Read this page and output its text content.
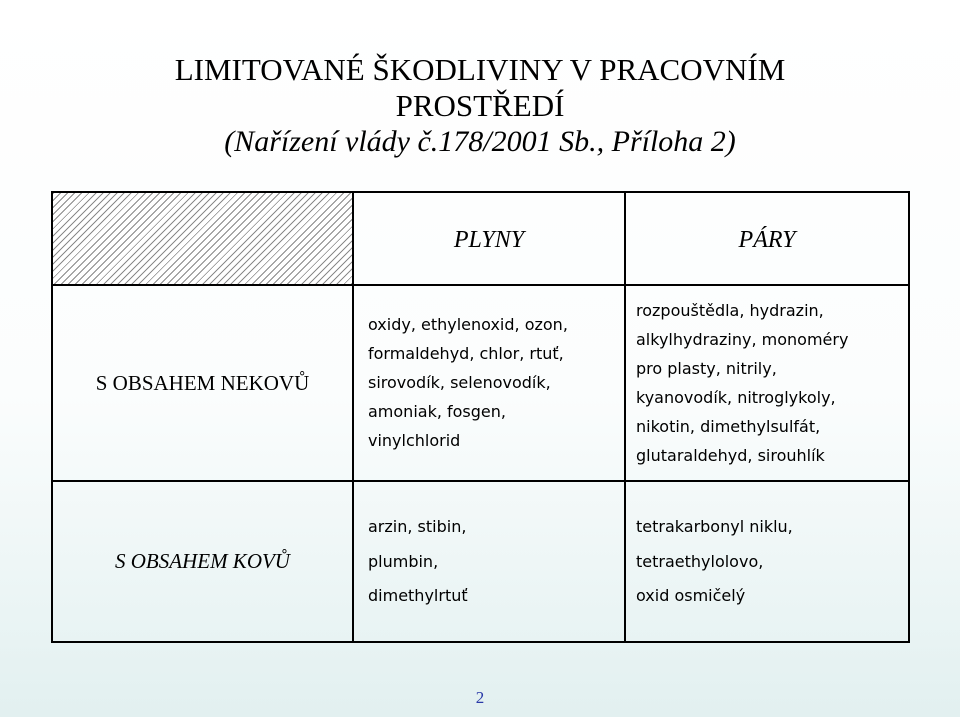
LIMITOVANÉ ŠKODLIVINY V PRACOVNÍM
PROSTŘEDÍ
(Nařízení vlády č.178/2001 Sb., Příloha 2)
PLYNY	PÁRY
S OBSAHEM NEKOVŮ
oxidy, ethylenoxid, ozon,
formaldehyd, chlor, rtuť,
sirovodík, selenovodík,
amoniak, fosgen,
vinylchlorid
rozpouštědla, hydrazin,
alkylhydraziny, monoméry
pro plasty, nitrily,
kyanovodík, nitroglykoly,
nikotin, dimethylsulfát,
glutaraldehyd, sirouhlík
S OBSAHEM KOVŮ
arzin, stibin,
plumbin,
dimethylrtuť
tetrakarbonyl niklu,
tetraethylolovo,
oxid osmičelý
2
